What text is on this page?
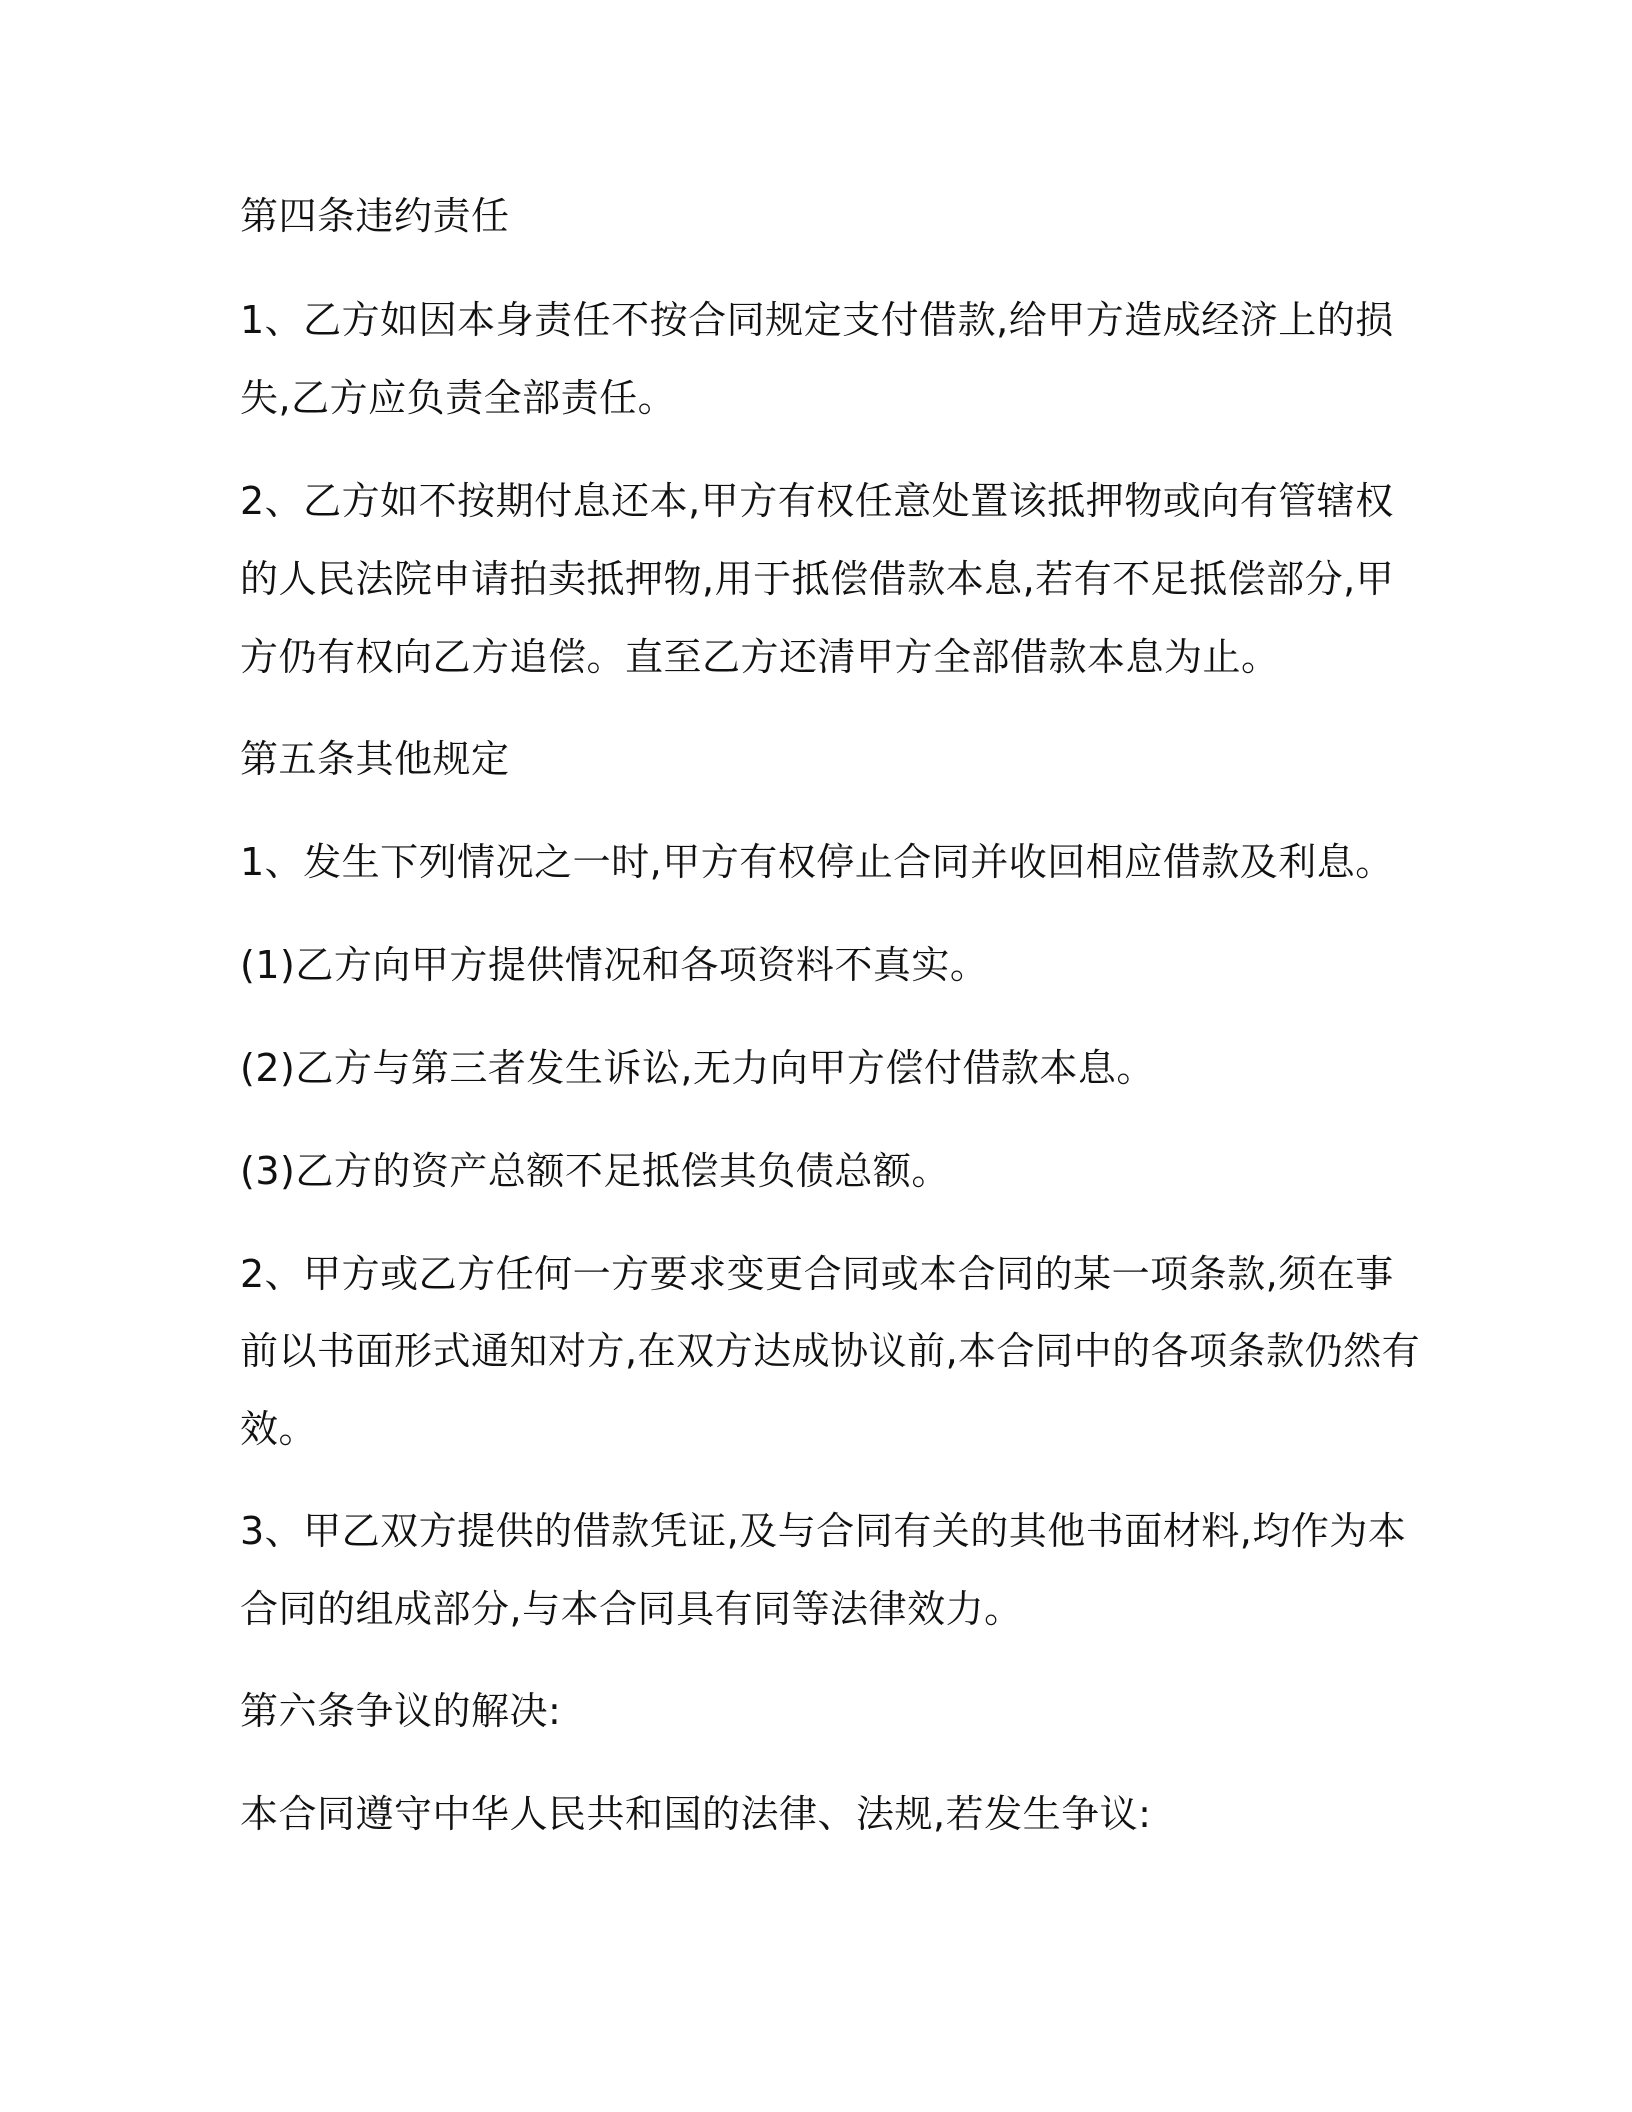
第四条违约责任
1、乙方如因本身责任不按合同规定支付借款,给甲方造成经济上的损
失,乙方应负责全部责任。
2、乙方如不按期付息还本,甲方有权任意处置该抵押物或向有管辖权
的人民法院申请拍卖抵押物,用于抵偿借款本息,若有不足抵偿部分,甲
方仍有权向乙方追偿。直至乙方还清甲方全部借款本息为止。
第五条其他规定
1、发生下列情况之一时,甲方有权停止合同并收回相应借款及利息。
(1)乙方向甲方提供情况和各项资料不真实。
(2)乙方与第三者发生诉讼,无力向甲方偿付借款本息。
(3)乙方的资产总额不足抵偿其负债总额。
2、甲方或乙方任何一方要求变更合同或本合同的某一项条款,须在事
前以书面形式通知对方,在双方达成协议前,本合同中的各项条款仍然有
效。
3、甲乙双方提供的借款凭证,及与合同有关的其他书面材料,均作为本
合同的组成部分,与本合同具有同等法律效力。
第六条争议的解决:
本合同遵守中华人民共和国的法律、法规,若发生争议:
